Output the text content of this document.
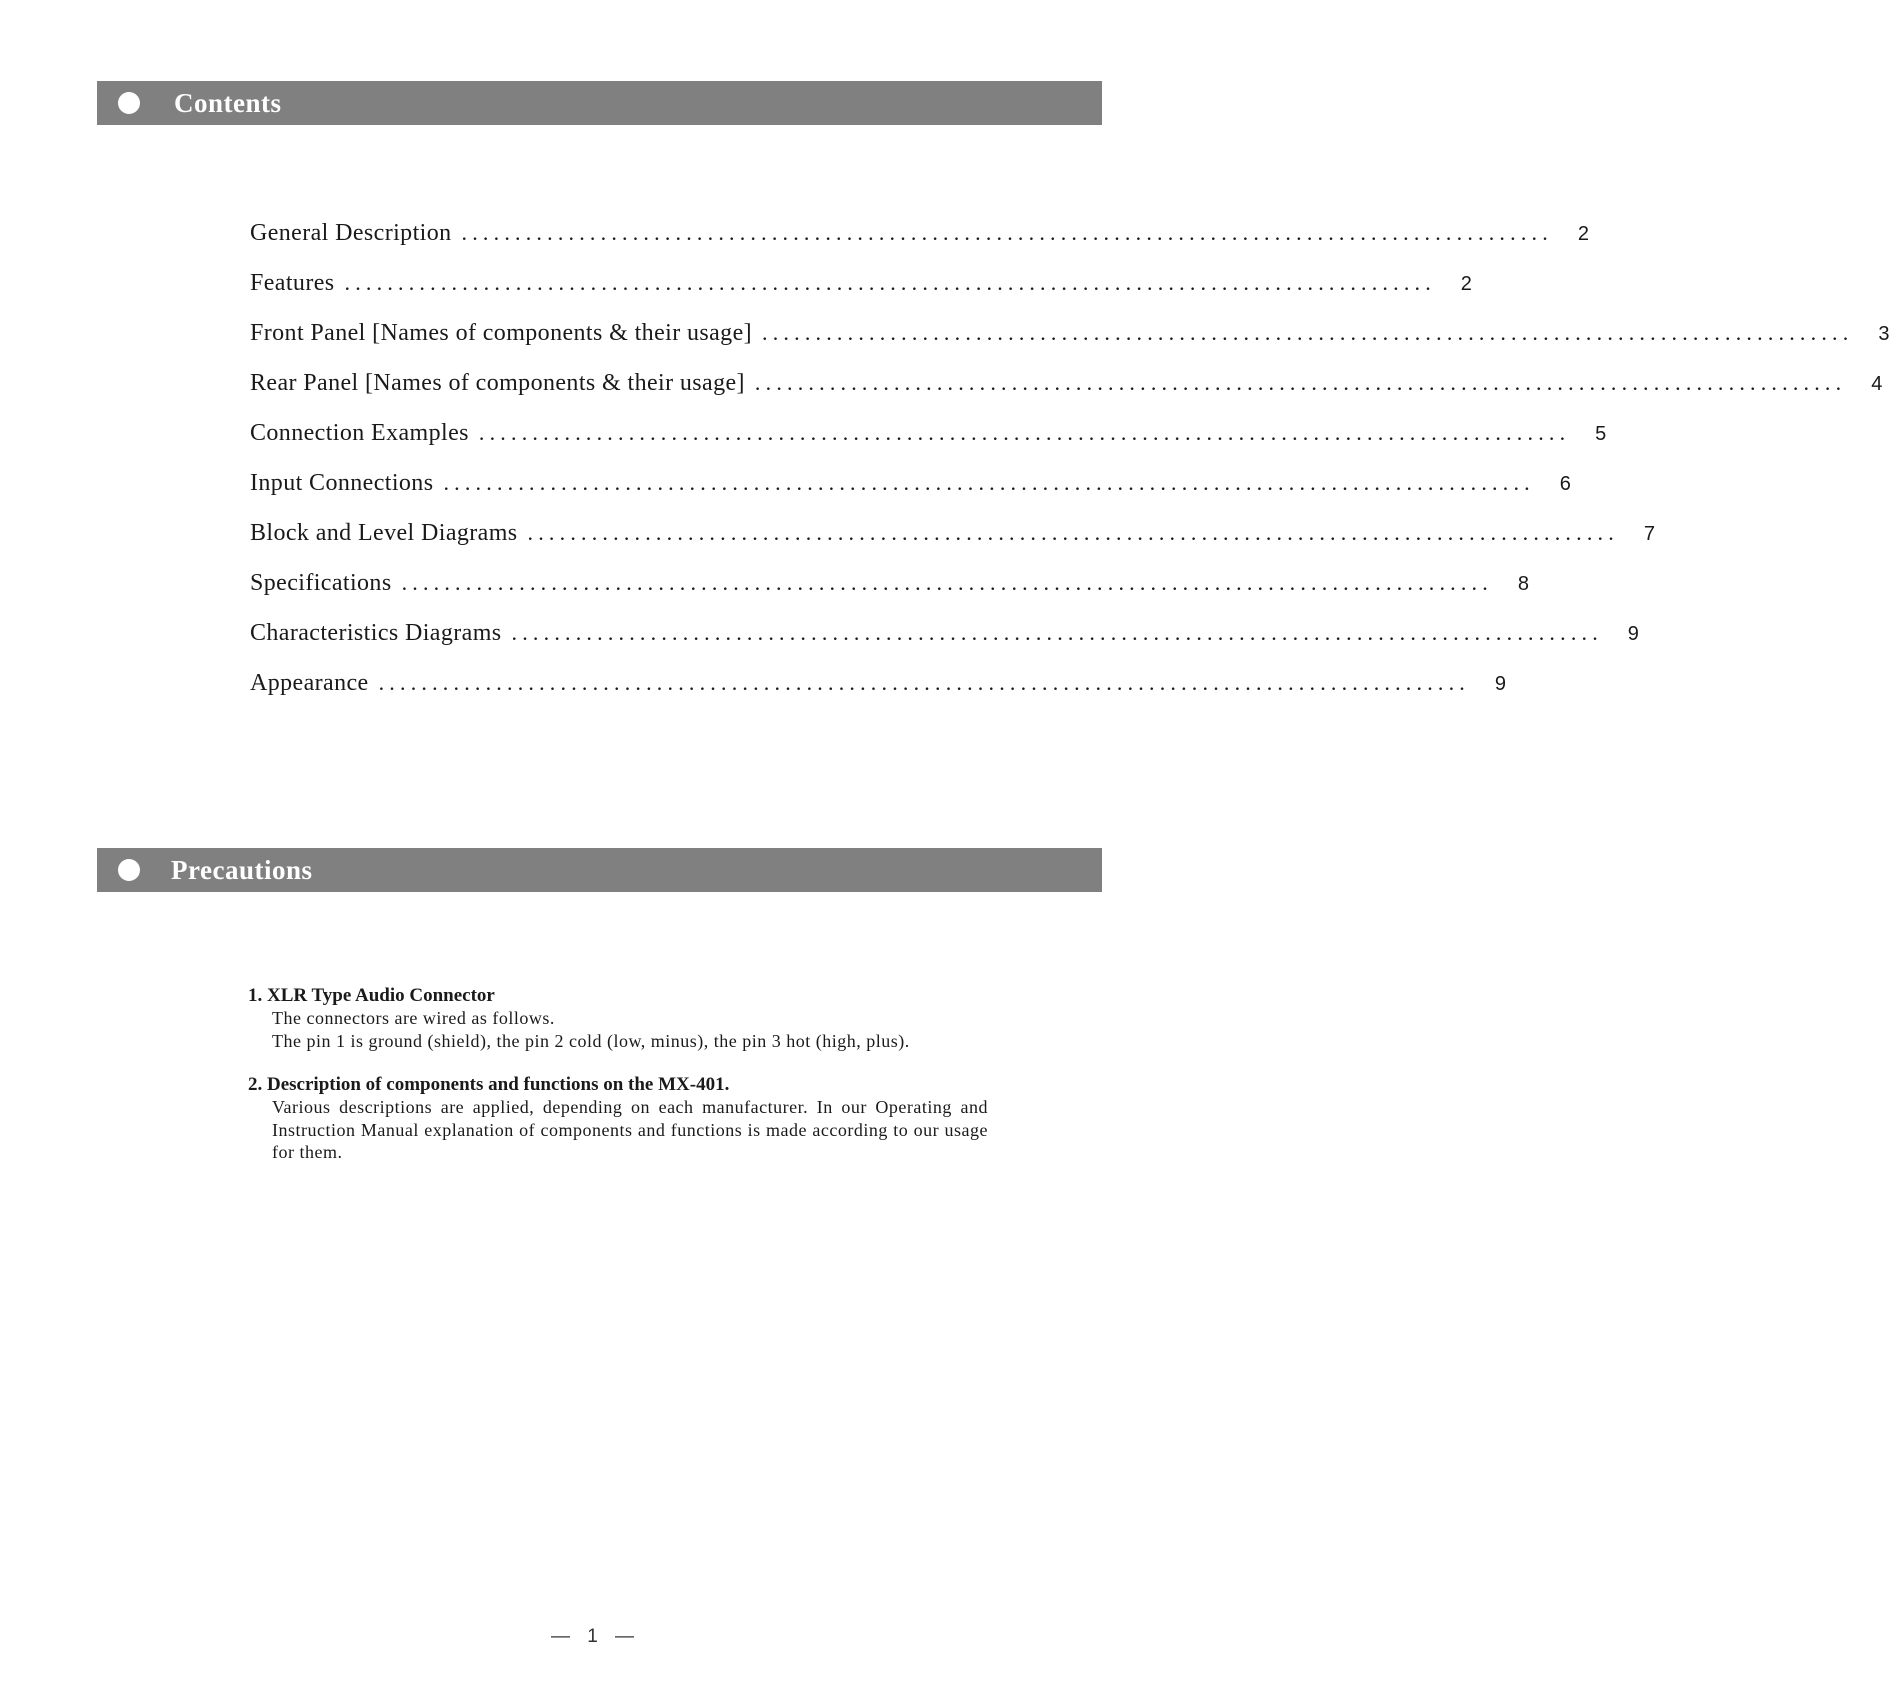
Contents
General Description ......................................................................................................	2
Features ......................................................................................................	2
Front Panel [Names of components & their usage] ......................................................................................................	3
Rear Panel [Names of components & their usage] ......................................................................................................	4
Connection Examples ......................................................................................................	5
Input Connections ......................................................................................................	6
Block and Level Diagrams ......................................................................................................	7
Specifications ......................................................................................................	8
Characteristics Diagrams ......................................................................................................	9
Appearance ......................................................................................................	9
Precautions
1. XLR Type Audio Connector
The connectors are wired as follows.
The pin 1 is ground (shield), the pin 2 cold (low, minus), the pin 3 hot (high, plus).
2. Description of components and functions on the MX-401.
Various descriptions are applied, depending on each manufacturer. In our Operating and Instruction Manual explanation of components and functions is made according to our usage for them.
— 1 —
